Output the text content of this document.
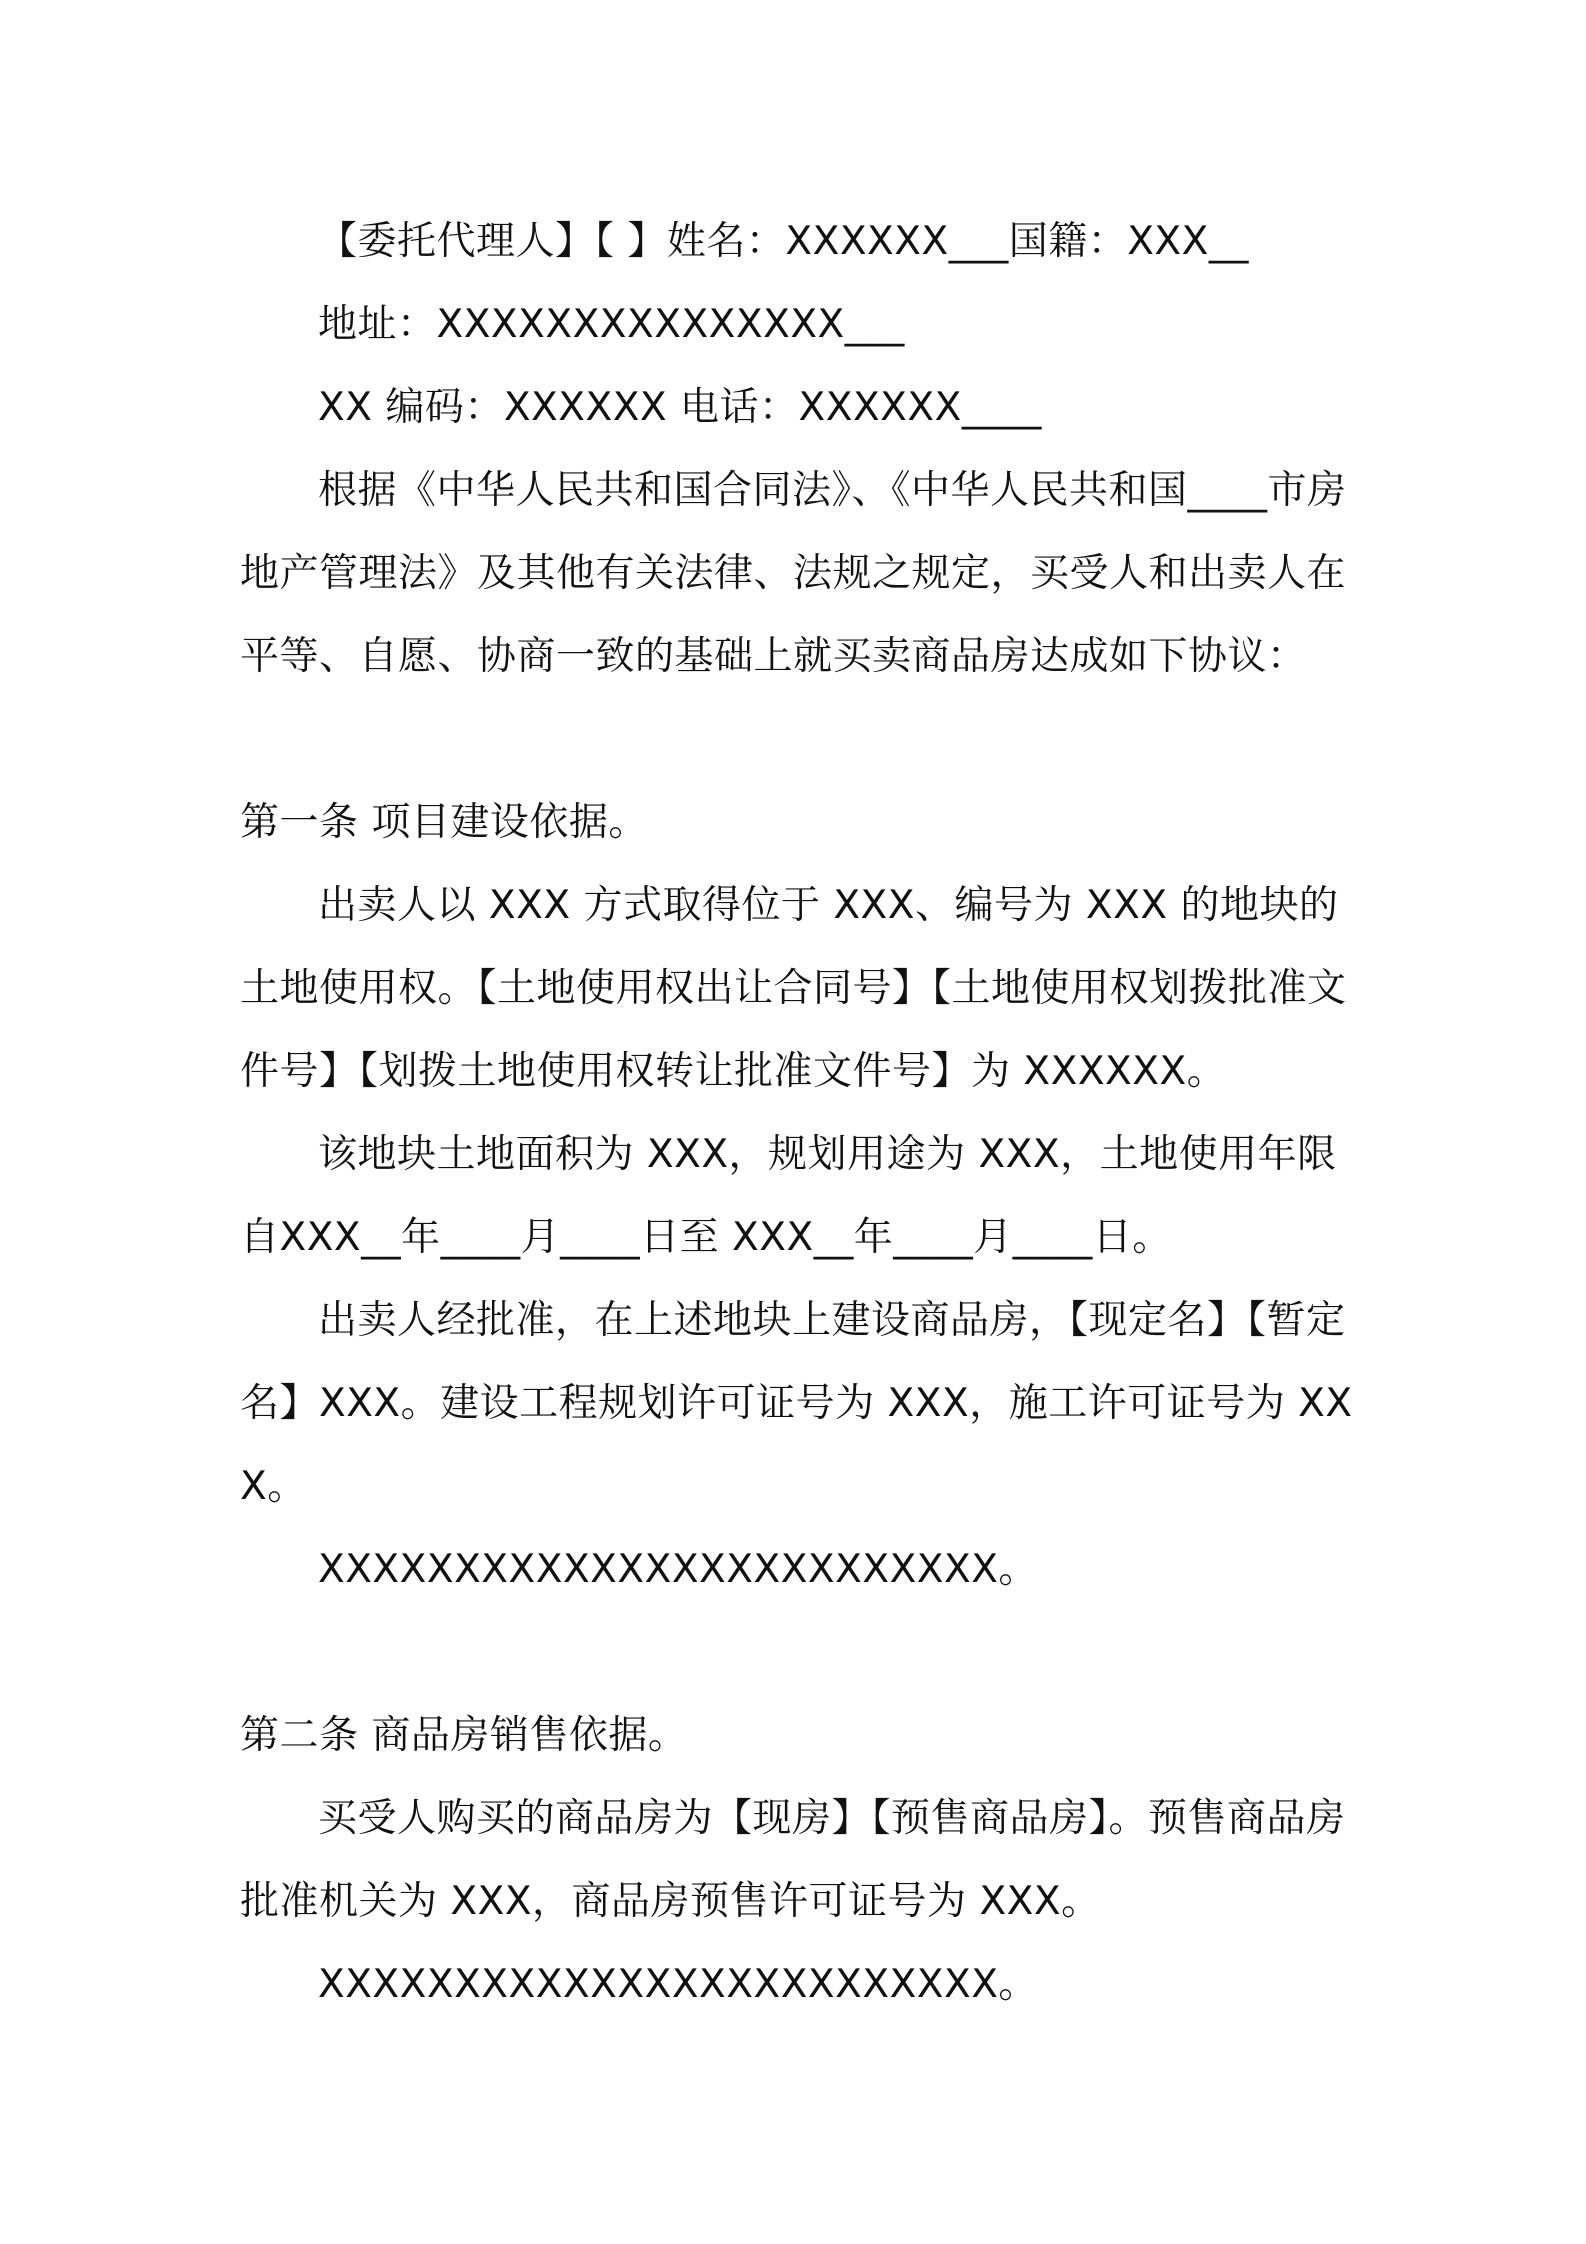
【委托代理人】【 】姓名：XXXXXX___国籍：XXX__

地址：XXXXXXXXXXXXXXX___

XX 编码：XXXXXX 电话：XXXXXX____

根据《中华人民共和国合同法》、《中华人民共和国____市房地产管理法》及其他有关法律、法规之规定，买受人和出卖人在平等、自愿、协商一致的基础上就买卖商品房达成如下协议：

第一条 项目建设依据。

出卖人以 XXX 方式取得位于 XXX、编号为 XXX 的地块的土地使用权。【土地使用权出让合同号】【土地使用权划拨批准文件号】【划拨土地使用权转让批准文件号】为 XXXXXX。

该地块土地面积为 XXX，规划用途为 XXX，土地使用年限自XXX__年____月____日至 XXX__年____月____日。

出卖人经批准，在上述地块上建设商品房，【现定名】【暂定名】XXX。建设工程规划许可证号为 XXX，施工许可证号为 XXX。

XXXXXXXXXXXXXXXXXXXXXXXXX。

第二条 商品房销售依据。

买受人购买的商品房为【现房】【预售商品房】。预售商品房批准机关为 XXX，商品房预售许可证号为 XXX。

XXXXXXXXXXXXXXXXXXXXXXXXX。
